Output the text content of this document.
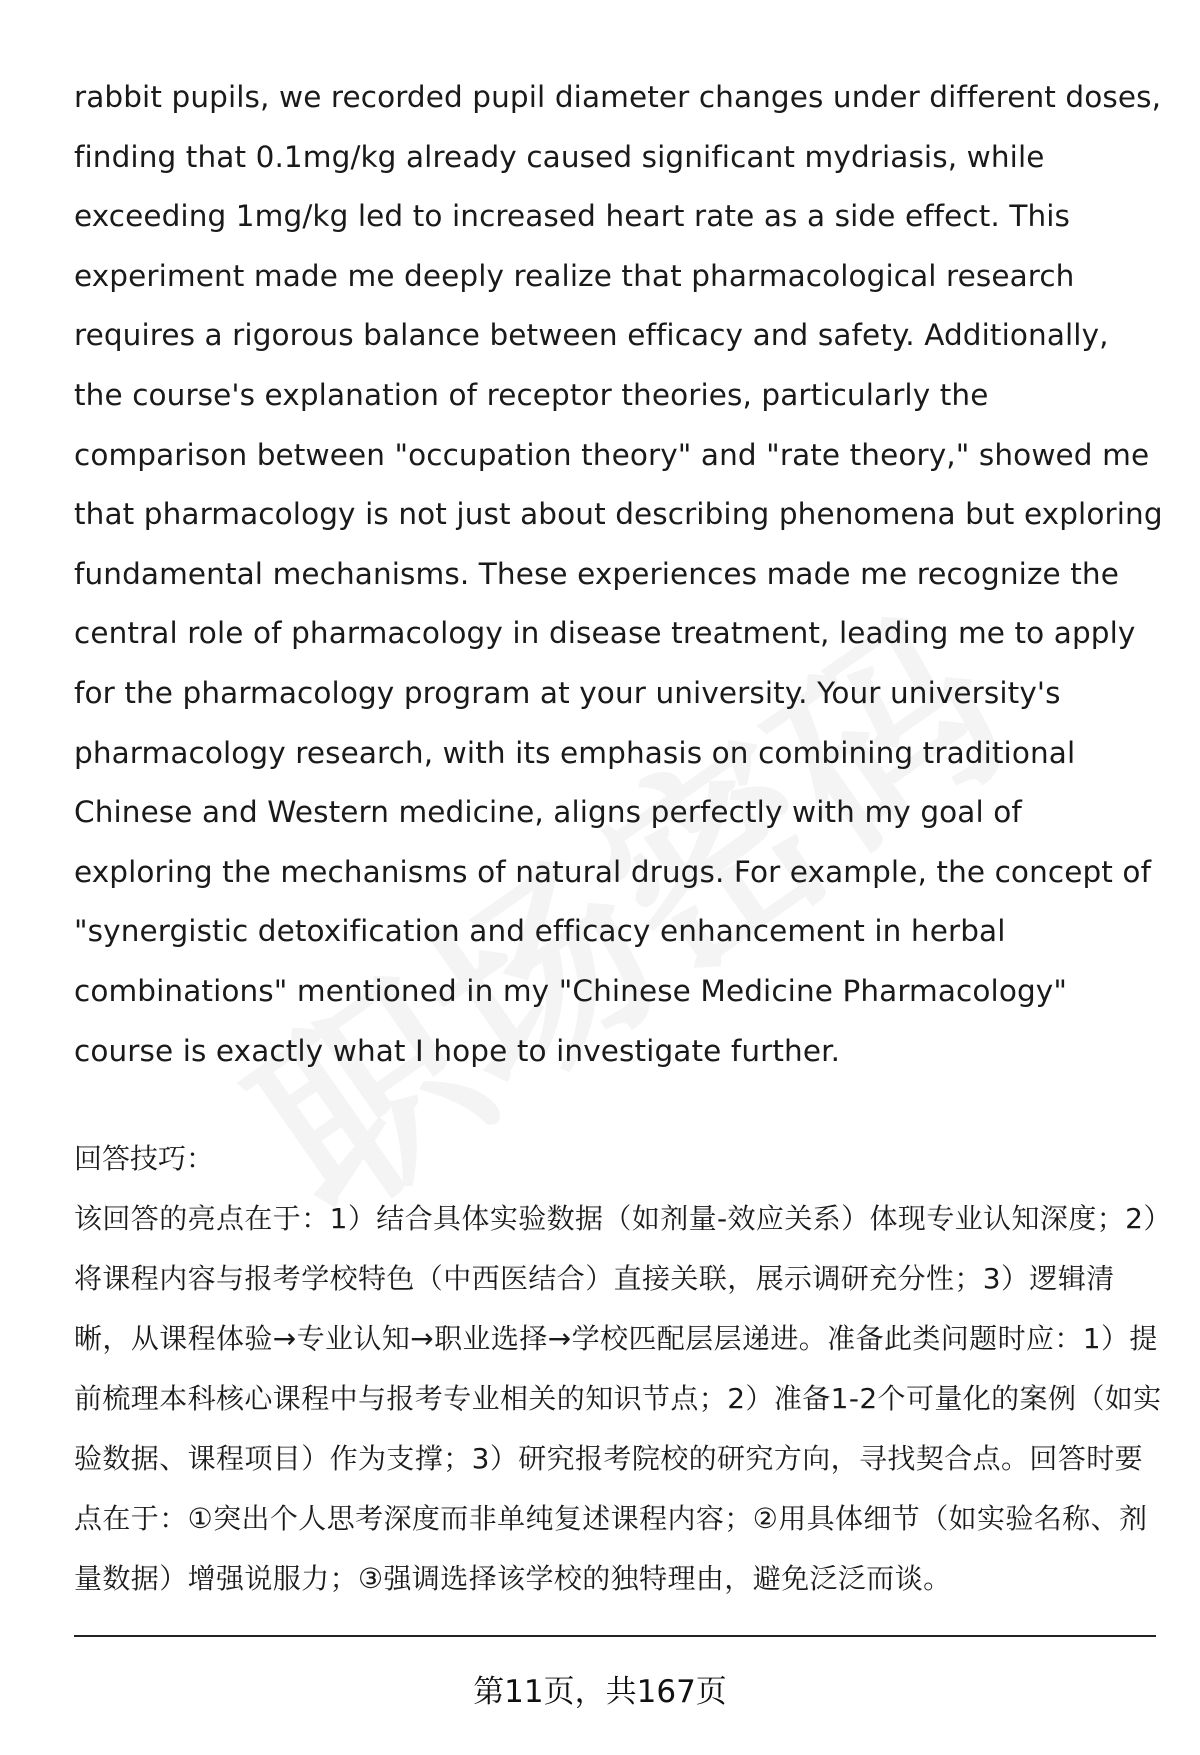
rabbit pupils, we recorded pupil diameter changes under different doses, finding that 0.1mg/kg already caused significant mydriasis, while exceeding 1mg/kg led to increased heart rate as a side effect. This experiment made me deeply realize that pharmacological research requires a rigorous balance between efficacy and safety. Additionally, the course's explanation of receptor theories, particularly the comparison between "occupation theory" and "rate theory," showed me that pharmacology is not just about describing phenomena but exploring fundamental mechanisms. These experiences made me recognize the central role of pharmacology in disease treatment, leading me to apply for the pharmacology program at your university. Your university's pharmacology research, with its emphasis on combining traditional Chinese and Western medicine, aligns perfectly with my goal of exploring the mechanisms of natural drugs. For example, the concept of "synergistic detoxification and efficacy enhancement in herbal combinations" mentioned in my "Chinese Medicine Pharmacology" course is exactly what I hope to investigate further.

回答技巧：

该回答的亮点在于：1）结合具体实验数据（如剂量-效应关系）体现专业认知深度；2）将课程内容与报考学校特色（中西医结合）直接关联，展示调研充分性；3）逻辑清晰，从课程体验→专业认知→职业选择→学校匹配层层递进。准备此类问题时应：1）提前梳理本科核心课程中与报考专业相关的知识节点；2）准备1-2个可量化的案例（如实验数据、课程项目）作为支撑；3）研究报考院校的研究方向，寻找契合点。回答时要点在于：①突出个人思考深度而非单纯复述课程内容；②用具体细节（如实验名称、剂量数据）增强说服力；③强调选择该学校的独特理由，避免泛泛而谈。

第11页，共167页
